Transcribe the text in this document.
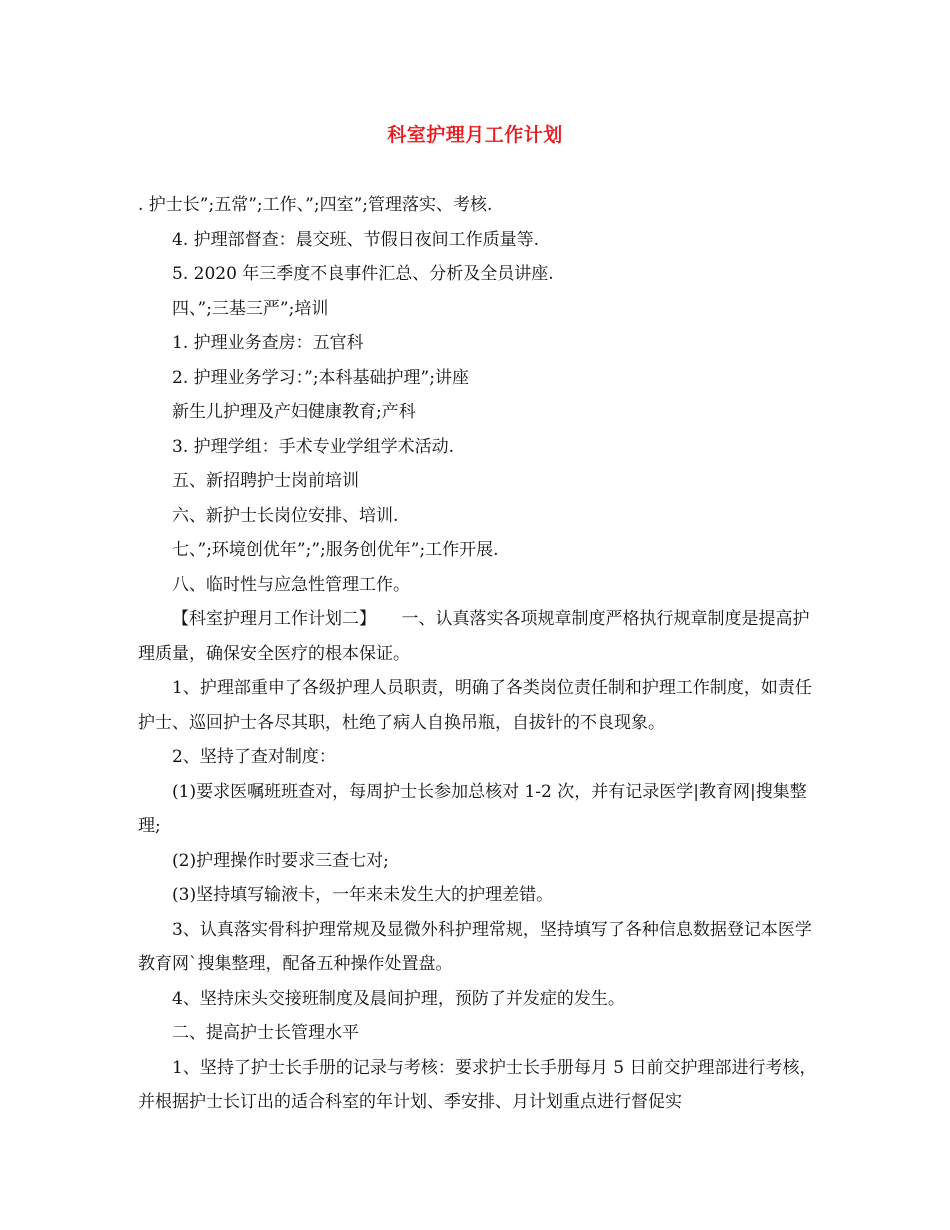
科室护理月工作计划

. 护士长”;五常”;工作、”;四室”;管理落实、考核.

4. 护理部督查：晨交班、节假日夜间工作质量等.

5. 2020 年三季度不良事件汇总、分析及全员讲座.

四、”;三基三严”;培训

1. 护理业务查房：五官科

2. 护理业务学习：”;本科基础护理”;讲座

新生儿护理及产妇健康教育;产科

3. 护理学组：手术专业学组学术活动.

五、新招聘护士岗前培训

六、新护士长岗位安排、培训.

七、”;环境创优年”;”;服务创优年”;工作开展.

八、临时性与应急性管理工作。

【科室护理月工作计划二】　　一、认真落实各项规章制度严格执行规章制度是提高护理质量，确保安全医疗的根本保证。

1、护理部重申了各级护理人员职责，明确了各类岗位责任制和护理工作制度，如责任护士、巡回护士各尽其职，杜绝了病人自换吊瓶，自拔针的不良现象。

2、坚持了查对制度：

(1)要求医嘱班班查对，每周护士长参加总核对 1-2 次，并有记录医学|教育网|搜集整理;

(2)护理操作时要求三查七对;

(3)坚持填写输液卡，一年来未发生大的护理差错。

3、认真落实骨科护理常规及显微外科护理常规，坚持填写了各种信息数据登记本医学教育网`搜集整理，配备五种操作处置盘。

4、坚持床头交接班制度及晨间护理，预防了并发症的发生。

二、提高护士长管理水平

1、坚持了护士长手册的记录与考核：要求护士长手册每月 5 日前交护理部进行考核，并根据护士长订出的适合科室的年计划、季安排、月计划重点进行督促实
